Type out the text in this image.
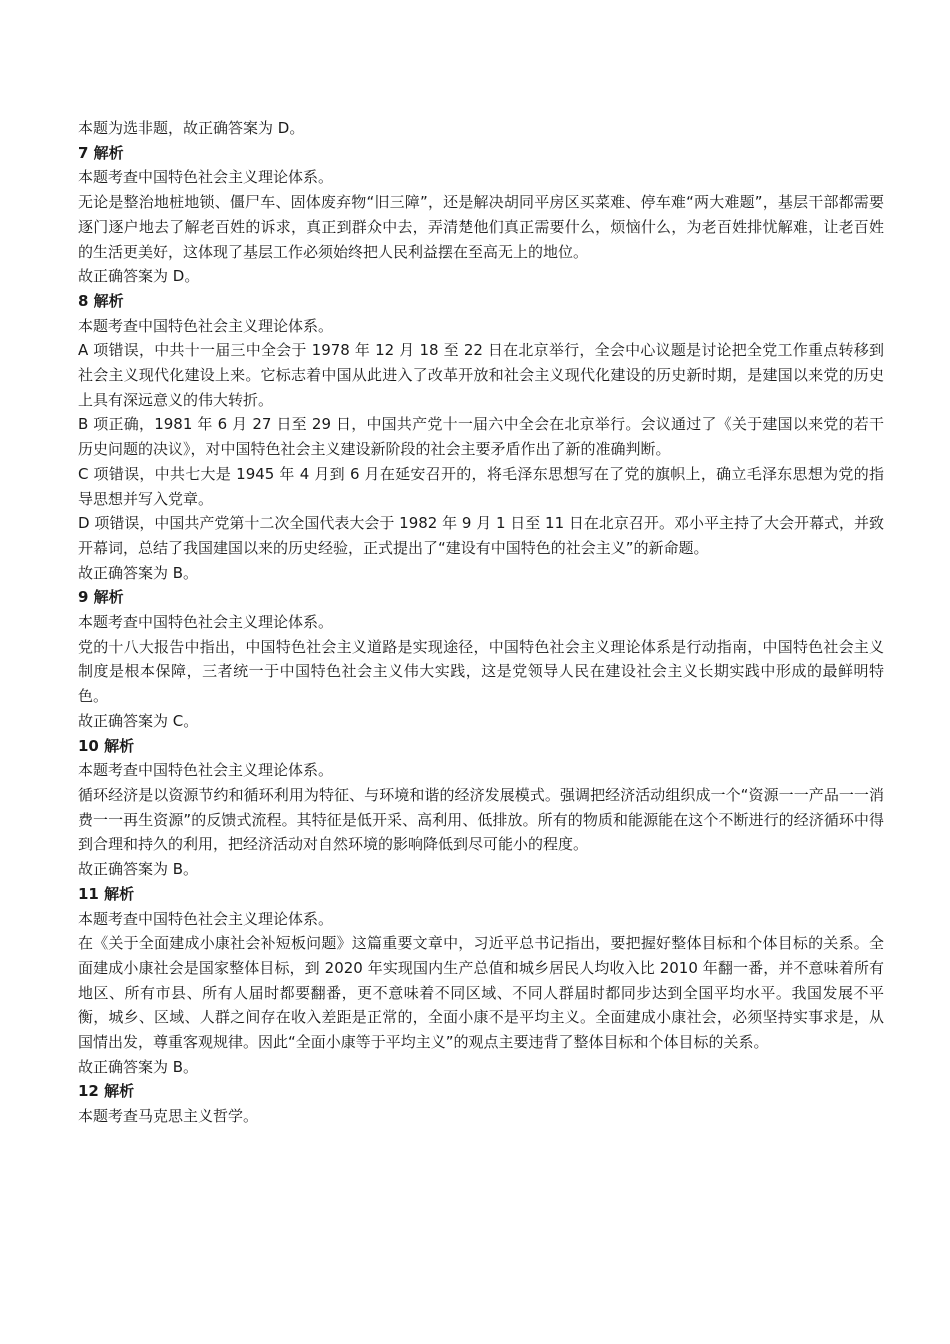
本题为选非题，故正确答案为 D。

7 解析

本题考查中国特色社会主义理论体系。

无论是整治地桩地锁、僵尸车、固体废弃物“旧三障”，还是解决胡同平房区买菜难、停车难“两大难题”，基层干部都需要逐门逐户地去了解老百姓的诉求，真正到群众中去，弄清楚他们真正需要什么，烦恼什么，为老百姓排忧解难，让老百姓的生活更美好，这体现了基层工作必须始终把人民利益摆在至高无上的地位。

故正确答案为 D。

8 解析

本题考查中国特色社会主义理论体系。

A 项错误，中共十一届三中全会于 1978 年 12 月 18 至 22 日在北京举行，全会中心议题是讨论把全党工作重点转移到社会主义现代化建设上来。它标志着中国从此进入了改革开放和社会主义现代化建设的历史新时期，是建国以来党的历史上具有深远意义的伟大转折。

B 项正确，1981 年 6 月 27 日至 29 日，中国共产党十一届六中全会在北京举行。会议通过了《关于建国以来党的若干历史问题的决议》，对中国特色社会主义建设新阶段的社会主要矛盾作出了新的准确判断。

C 项错误，中共七大是 1945 年 4 月到 6 月在延安召开的，将毛泽东思想写在了党的旗帜上，确立毛泽东思想为党的指导思想并写入党章。

D 项错误，中国共产党第十二次全国代表大会于 1982 年 9 月 1 日至 11 日在北京召开。邓小平主持了大会开幕式，并致开幕词，总结了我国建国以来的历史经验，正式提出了“建设有中国特色的社会主义”的新命题。

故正确答案为 B。

9 解析

本题考查中国特色社会主义理论体系。

党的十八大报告中指出，中国特色社会主义道路是实现途径，中国特色社会主义理论体系是行动指南，中国特色社会主义制度是根本保障，三者统一于中国特色社会主义伟大实践，这是党领导人民在建设社会主义长期实践中形成的最鲜明特色。

故正确答案为 C。

10 解析

本题考查中国特色社会主义理论体系。

循环经济是以资源节约和循环利用为特征、与环境和谐的经济发展模式。强调把经济活动组织成一个“资源一一产品一一消费一一再生资源”的反馈式流程。其特征是低开采、高利用、低排放。所有的物质和能源能在这个不断进行的经济循环中得到合理和持久的利用，把经济活动对自然环境的影响降低到尽可能小的程度。

故正确答案为 B。

11 解析

本题考查中国特色社会主义理论体系。

在《关于全面建成小康社会补短板问题》这篇重要文章中，习近平总书记指出，要把握好整体目标和个体目标的关系。全面建成小康社会是国家整体目标，到 2020 年实现国内生产总值和城乡居民人均收入比 2010 年翻一番，并不意味着所有地区、所有市县、所有人届时都要翻番，更不意味着不同区域、不同人群届时都同步达到全国平均水平。我国发展不平衡，城乡、区域、人群之间存在收入差距是正常的，全面小康不是平均主义。全面建成小康社会，必须坚持实事求是，从国情出发，尊重客观规律。因此“全面小康等于平均主义”的观点主要违背了整体目标和个体目标的关系。

故正确答案为 B。

12 解析

本题考查马克思主义哲学。
